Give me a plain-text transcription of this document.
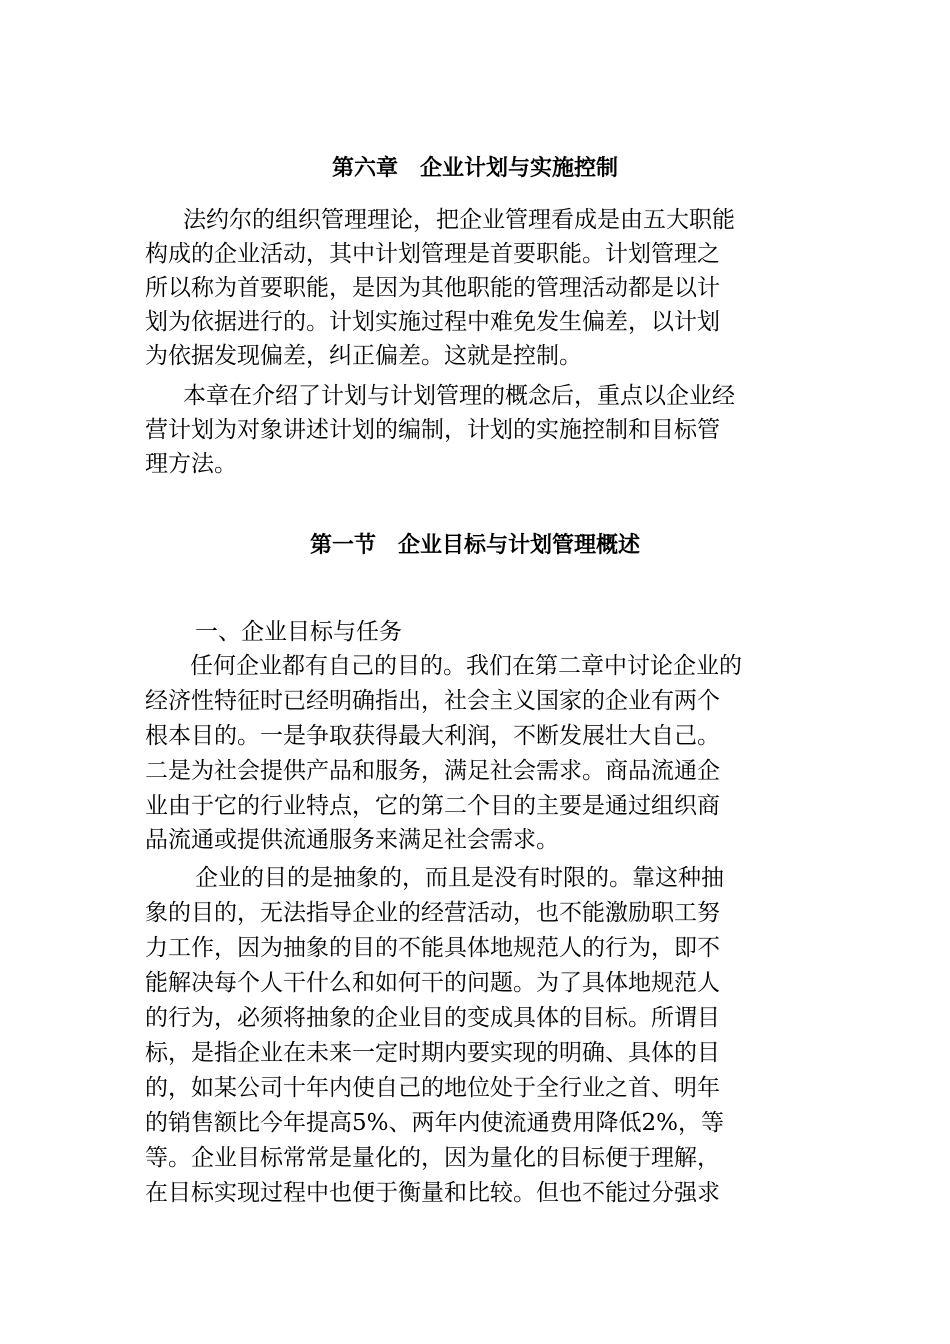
第六章　企业计划与实施控制
法约尔的组织管理理论，把企业管理看成是由五大职能
构成的企业活动，其中计划管理是首要职能。计划管理之
所以称为首要职能，是因为其他职能的管理活动都是以计
划为依据进行的。计划实施过程中难免发生偏差，以计划
为依据发现偏差，纠正偏差。这就是控制。
本章在介绍了计划与计划管理的概念后，重点以企业经
营计划为对象讲述计划的编制，计划的实施控制和目标管
理方法。
第一节　企业目标与计划管理概述
一、企业目标与任务
任何企业都有自己的目的。我们在第二章中讨论企业的
经济性特征时已经明确指出，社会主义国家的企业有两个
根本目的。一是争取获得最大利润，不断发展壮大自己。
二是为社会提供产品和服务，满足社会需求。商品流通企
业由于它的行业特点，它的第二个目的主要是通过组织商
品流通或提供流通服务来满足社会需求。
企业的目的是抽象的，而且是没有时限的。靠这种抽
象的目的，无法指导企业的经营活动，也不能激励职工努
力工作，因为抽象的目的不能具体地规范人的行为，即不
能解决每个人干什么和如何干的问题。为了具体地规范人
的行为，必须将抽象的企业目的变成具体的目标。所谓目
标，是指企业在未来一定时期内要实现的明确、具体的目
的，如某公司十年内使自己的地位处于全行业之首、明年
的销售额比今年提高5%、两年内使流通费用降低2%，等
等。企业目标常常是量化的，因为量化的目标便于理解，
在目标实现过程中也便于衡量和比较。但也不能过分强求
